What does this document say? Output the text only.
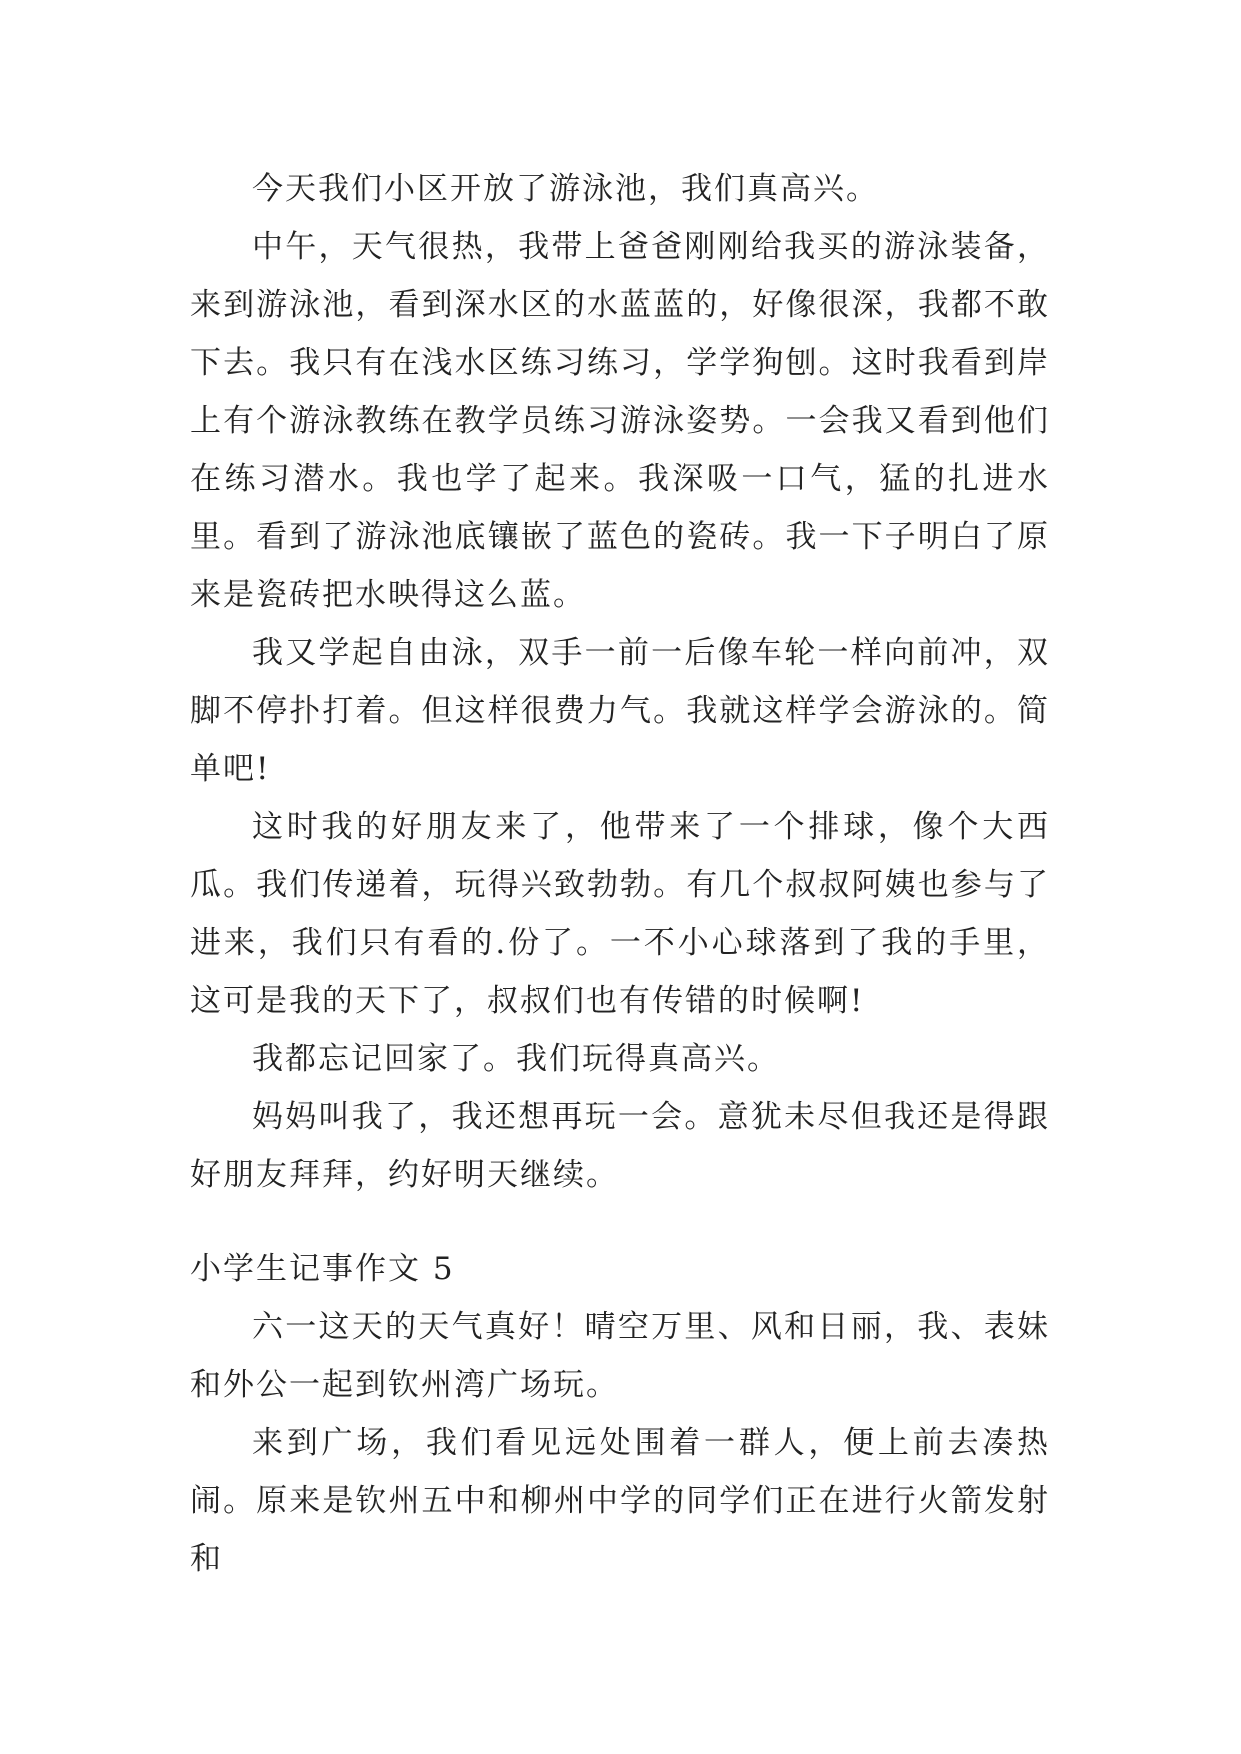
今天我们小区开放了游泳池，我们真高兴。

中午，天气很热，我带上爸爸刚刚给我买的游泳装备，来到游泳池，看到深水区的水蓝蓝的，好像很深，我都不敢下去。我只有在浅水区练习练习，学学狗刨。这时我看到岸上有个游泳教练在教学员练习游泳姿势。一会我又看到他们在练习潜水。我也学了起来。我深吸一口气，猛的扎进水里。看到了游泳池底镶嵌了蓝色的瓷砖。我一下子明白了原来是瓷砖把水映得这么蓝。

我又学起自由泳，双手一前一后像车轮一样向前冲，双脚不停扑打着。但这样很费力气。我就这样学会游泳的。简单吧!

这时我的好朋友来了，他带来了一个排球，像个大西瓜。我们传递着，玩得兴致勃勃。有几个叔叔阿姨也参与了进来，我们只有看的.份了。一不小心球落到了我的手里，这可是我的天下了，叔叔们也有传错的时候啊!

我都忘记回家了。我们玩得真高兴。

妈妈叫我了，我还想再玩一会。意犹未尽但我还是得跟好朋友拜拜，约好明天继续。

小学生记事作文 5

六一这天的天气真好！晴空万里、风和日丽，我、表妹和外公一起到钦州湾广场玩。

来到广场，我们看见远处围着一群人，便上前去凑热闹。原来是钦州五中和柳州中学的同学们正在进行火箭发射和
